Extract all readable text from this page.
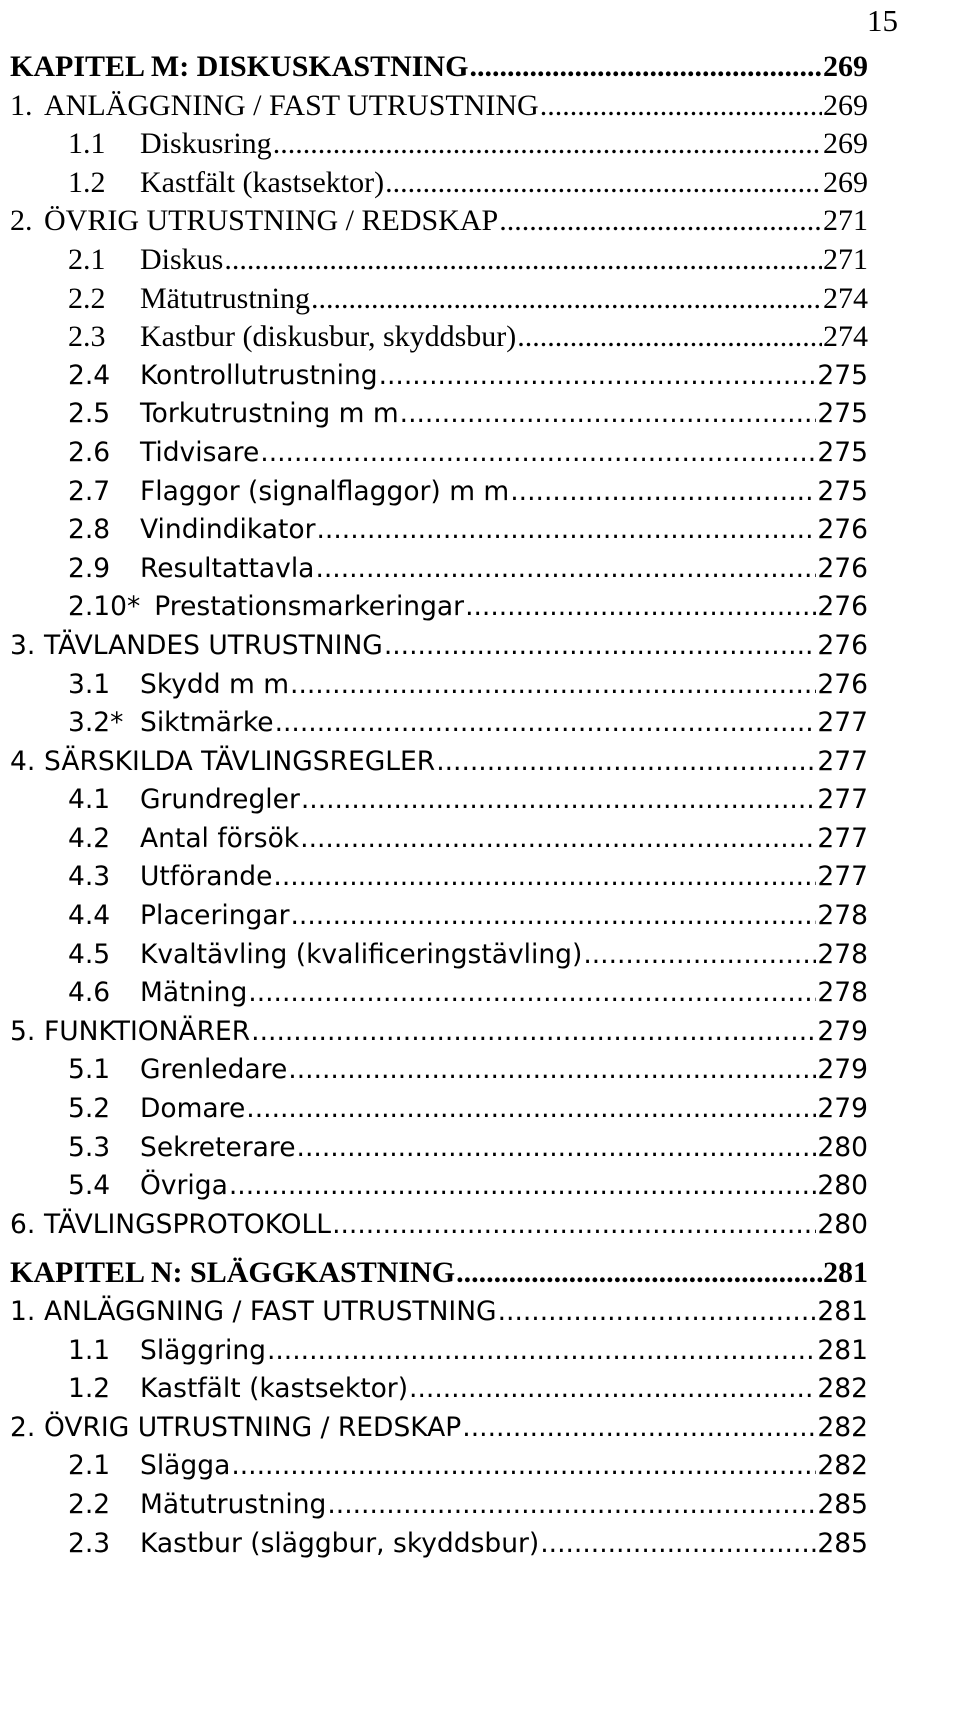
15
KAPITEL M: DISKUSKASTNING .....	269
1. ANLÄGGNING / FAST UTRUSTNING .....	269
1.1 Diskusring .....	269
1.2 Kastfält (kastsektor) .....	269
2. ÖVRIG UTRUSTNING / REDSKAP .....	271
2.1 Diskus .....	271
2.2 Mätutrustning .....	274
2.3 Kastbur (diskusbur, skyddsbur) .....	274
2.4 Kontrollutrustning .....	275
2.5 Torkutrustning m m .....	275
2.6 Tidvisare .....	275
2.7 Flaggor (signalflaggor) m m .....	275
2.8 Vindindikator .....	276
2.9 Resultattavla .....	276
2.10* Prestationsmarkeringar .....	276
3. TÄVLANDES UTRUSTNING .....	276
3.1 Skydd m m .....	276
3.2* Siktmärke .....	277
4. SÄRSKILDA TÄVLINGSREGLER .....	277
4.1 Grundregler .....	277
4.2 Antal försök .....	277
4.3 Utförande .....	277
4.4 Placeringar .....	278
4.5 Kvaltävling (kvalificeringstävling) .....	278
4.6 Mätning .....	278
5. FUNKTIONÄRER .....	279
5.1 Grenledare .....	279
5.2 Domare .....	279
5.3 Sekreterare .....	280
5.4 Övriga .....	280
6. TÄVLINGSPROTOKOLL .....	280
KAPITEL N: SLÄGGKASTNING .....	281
1. ANLÄGGNING / FAST UTRUSTNING .....	281
1.1 Släggring .....	281
1.2 Kastfält (kastsektor) .....	282
2. ÖVRIG UTRUSTNING / REDSKAP .....	282
2.1 Slägga .....	282
2.2 Mätutrustning .....	285
2.3 Kastbur (släggbur, skyddsbur) .....	285
